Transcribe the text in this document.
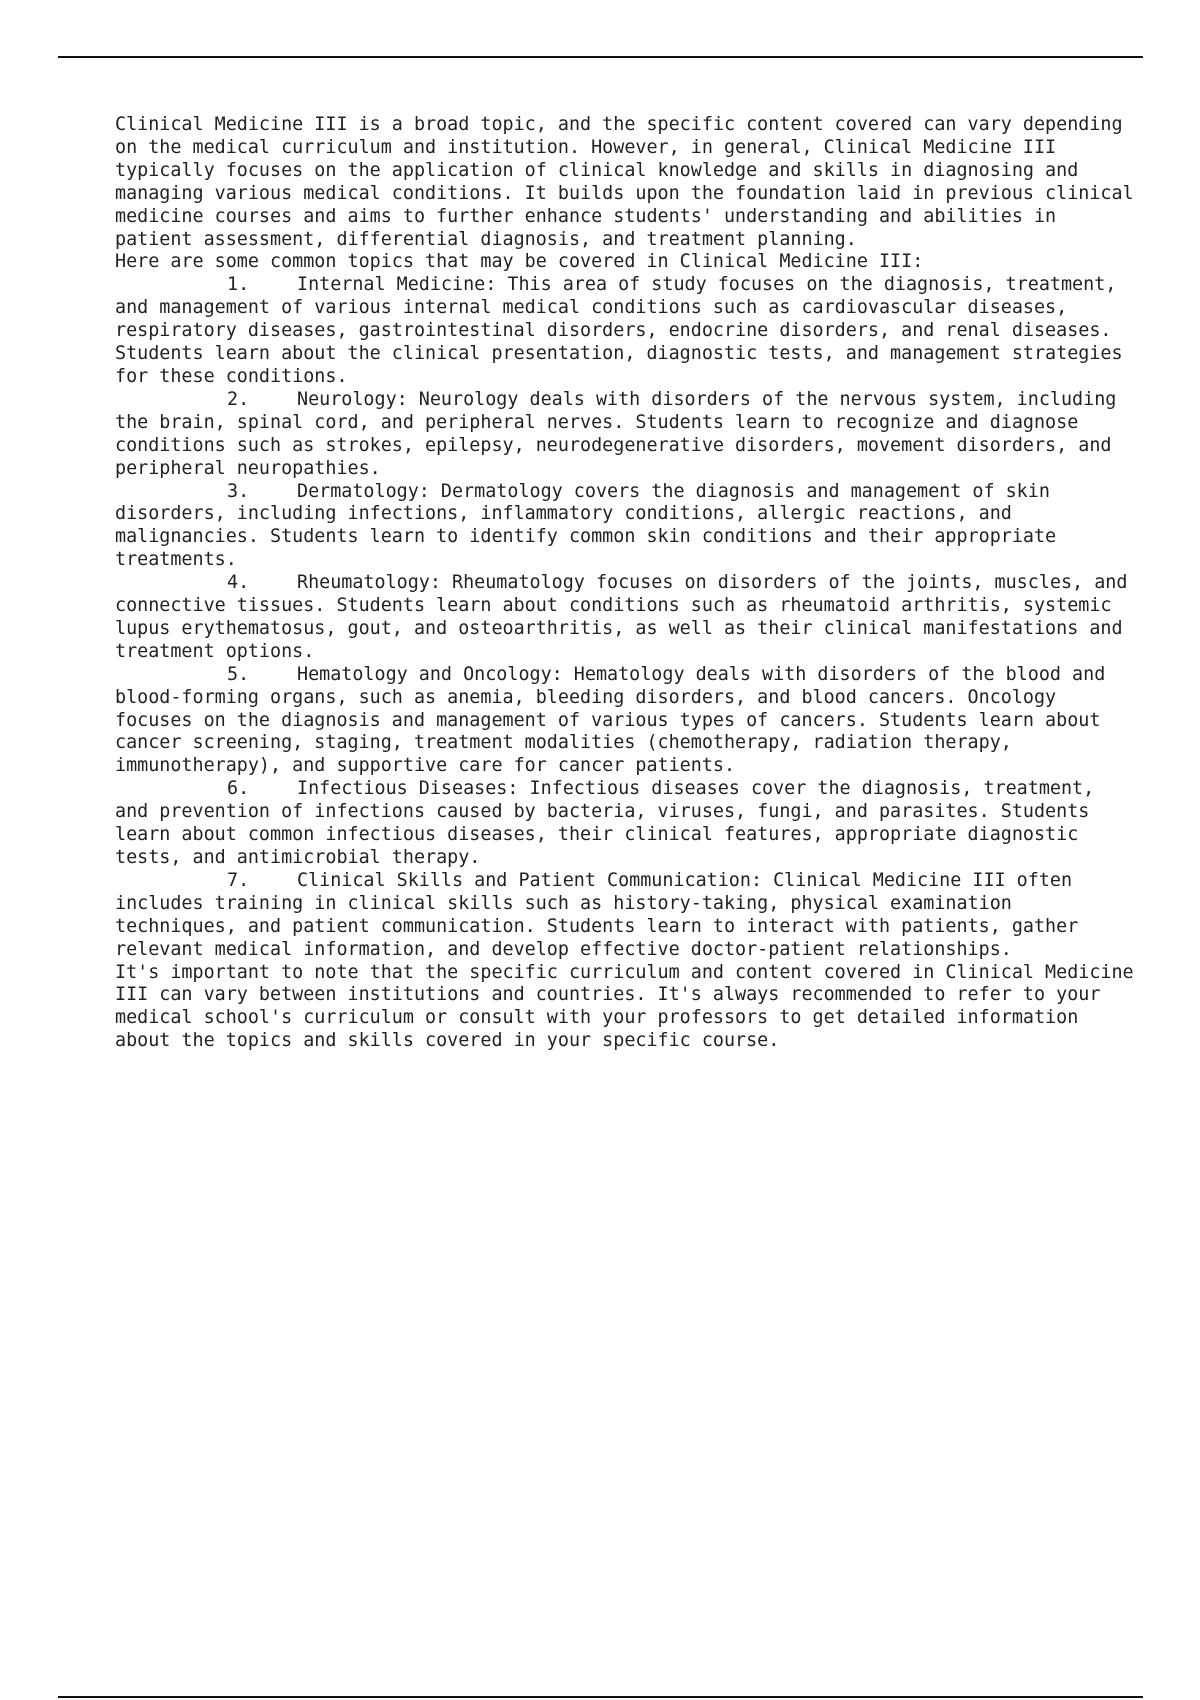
Clinical Medicine III is a broad topic, and the specific content covered can vary depending on the medical curriculum and institution. However, in general, Clinical Medicine III typically focuses on the application of clinical knowledge and skills in diagnosing and managing various medical conditions. It builds upon the foundation laid in previous clinical medicine courses and aims to further enhance students' understanding and abilities in patient assessment, differential diagnosis, and treatment planning.

Here are some common topics that may be covered in Clinical Medicine III:

1.	Internal Medicine: This area of study focuses on the diagnosis, treatment, and management of various internal medical conditions such as cardiovascular diseases, respiratory diseases, gastrointestinal disorders, endocrine disorders, and renal diseases. Students learn about the clinical presentation, diagnostic tests, and management strategies for these conditions.
2.	Neurology: Neurology deals with disorders of the nervous system, including the brain, spinal cord, and peripheral nerves. Students learn to recognize and diagnose conditions such as strokes, epilepsy, neurodegenerative disorders, movement disorders, and peripheral neuropathies.
3.	Dermatology: Dermatology covers the diagnosis and management of skin disorders, including infections, inflammatory conditions, allergic reactions, and malignancies. Students learn to identify common skin conditions and their appropriate treatments.
4.	Rheumatology: Rheumatology focuses on disorders of the joints, muscles, and connective tissues. Students learn about conditions such as rheumatoid arthritis, systemic lupus erythematosus, gout, and osteoarthritis, as well as their clinical manifestations and treatment options.
5.	Hematology and Oncology: Hematology deals with disorders of the blood and blood-forming organs, such as anemia, bleeding disorders, and blood cancers. Oncology focuses on the diagnosis and management of various types of cancers. Students learn about cancer screening, staging, treatment modalities (chemotherapy, radiation therapy, immunotherapy), and supportive care for cancer patients.
6.	Infectious Diseases: Infectious diseases cover the diagnosis, treatment, and prevention of infections caused by bacteria, viruses, fungi, and parasites. Students learn about common infectious diseases, their clinical features, appropriate diagnostic tests, and antimicrobial therapy.
7.	Clinical Skills and Patient Communication: Clinical Medicine III often includes training in clinical skills such as history-taking, physical examination techniques, and patient communication. Students learn to interact with patients, gather relevant medical information, and develop effective doctor-patient relationships.

It's important to note that the specific curriculum and content covered in Clinical Medicine III can vary between institutions and countries. It's always recommended to refer to your medical school's curriculum or consult with your professors to get detailed information about the topics and skills covered in your specific course.
